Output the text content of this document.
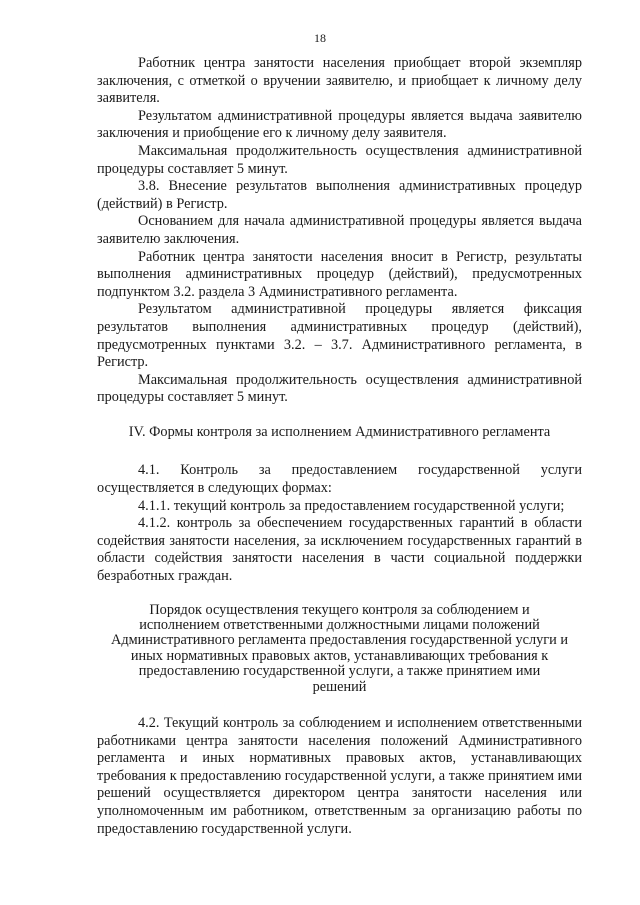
18

Работник центра занятости населения приобщает второй экземпляр заключения, с отметкой о вручении заявителю, и приобщает к личному делу заявителя.

Результатом административной процедуры является выдача заявителю заключения и приобщение его к личному делу заявителя.

Максимальная продолжительность осуществления административной процедуры составляет 5 минут.

3.8. Внесение результатов выполнения административных процедур (действий) в Регистр.

Основанием для начала административной процедуры является выдача заявителю заключения.

Работник центра занятости населения вносит в Регистр, результаты выполнения административных процедур (действий), предусмотренных подпунктом 3.2. раздела 3 Административного регламента.

Результатом административной процедуры является фиксация результатов выполнения административных процедур (действий), предусмотренных пунктами 3.2. – 3.7. Административного регламента, в Регистр.

Максимальная продолжительность осуществления административной процедуры составляет 5 минут.

IV. Формы контроля за исполнением Административного регламента

4.1. Контроль за предоставлением государственной услуги осуществляется в следующих формах:

4.1.1. текущий контроль за предоставлением государственной услуги;

4.1.2. контроль за обеспечением государственных гарантий в области содействия занятости населения, за исключением государственных гарантий в области содействия занятости населения в части социальной поддержки безработных граждан.

Порядок осуществления текущего контроля за соблюдением и исполнением ответственными должностными лицами положений Административного регламента предоставления государственной услуги и иных нормативных правовых актов, устанавливающих требования к предоставлению государственной услуги, а также принятием ими решений

4.2. Текущий контроль за соблюдением и исполнением ответственными работниками центра занятости населения положений Административного регламента и иных нормативных правовых актов, устанавливающих требования к предоставлению государственной услуги, а также принятием ими решений осуществляется директором центра занятости населения или уполномоченным им работником, ответственным за организацию работы по предоставлению государственной услуги.
